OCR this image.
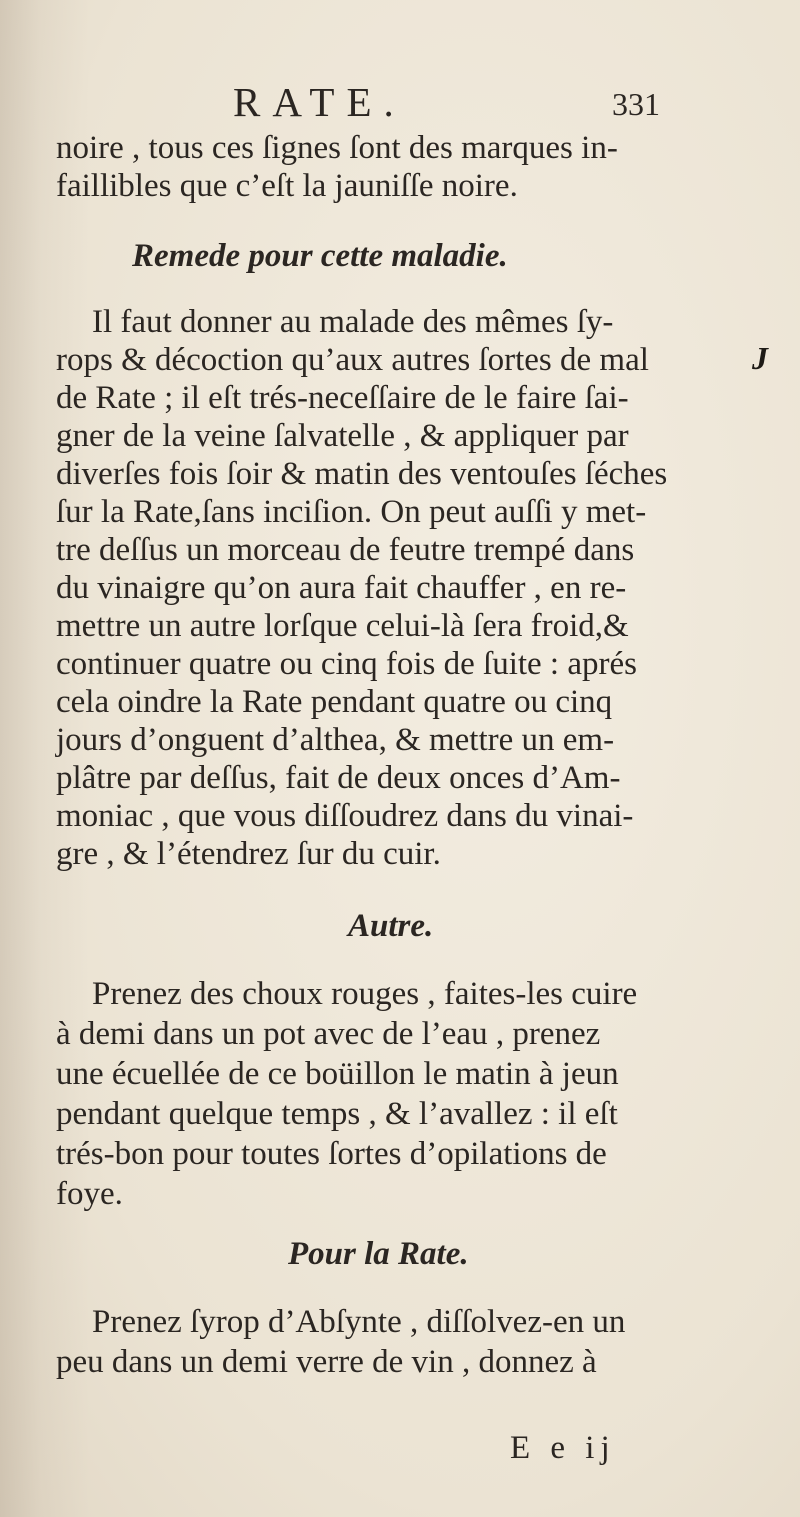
RATE.	331
noire , tous ces ſignes ſont des marques in-
faillibles que c’eſt la jauniſſe noire.
Remede pour cette maladie.
Il faut donner au malade des mêmes ſy-
rops & décoction qu’aux autres ſortes de mal
de Rate ; il eſt trés-neceſſaire de le faire ſai-
gner de la veine ſalvatelle , & appliquer par
diverſes fois ſoir & matin des ventouſes ſéches
ſur la Rate,ſans inciſion. On peut auſſi y met-
tre deſſus un morceau de feutre trempé dans
du vinaigre qu’on aura fait chauffer , en re-
mettre un autre lorſque celui-là ſera froid,&
continuer quatre ou cinq fois de ſuite : aprés
cela oindre la Rate pendant quatre ou cinq
jours d’onguent d’althea, & mettre un em-
plâtre par deſſus, fait de deux onces d’Am-
moniac , que vous diſſoudrez dans du vinai-
gre , & l’étendrez ſur du cuir.
Autre.
Prenez des choux rouges , faites-les cuire
à demi dans un pot avec de l’eau , prenez
une écuellée de ce boüillon le matin à jeun
pendant quelque temps , & l’avallez : il eſt
trés-bon pour toutes ſortes d’opilations de
foye.
Pour la Rate.
Prenez ſyrop d’Abſynte , diſſolvez-en un
peu dans un demi verre de vin , donnez à
E e ij
J
